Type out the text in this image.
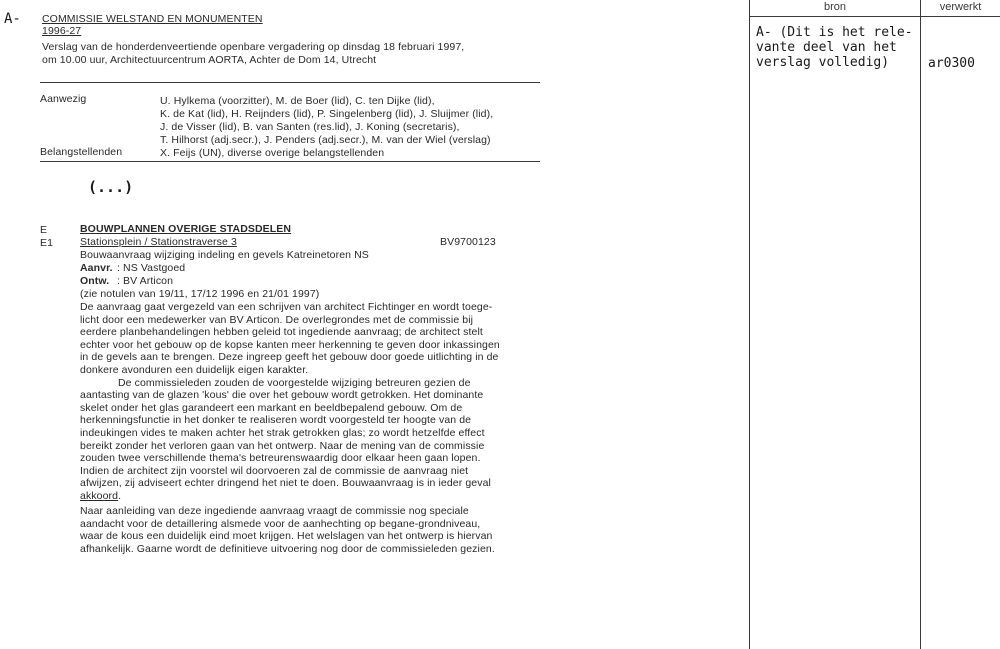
A- COMMISSIE WELSTAND EN MONUMENTEN
1996-27
Verslag van de honderdenveertiende openbare vergadering op dinsdag 18 februari 1997,
om 10.00 uur, Architectuurcentrum AORTA, Achter de Dom 14, Utrecht
Aanwezig	U. Hylkema (voorzitter), M. de Boer (lid), C. ten Dijke (lid),
K. de Kat (lid), H. Reijnders (lid), P. Singelenberg (lid), J. Sluijmer (lid),
J. de Visser (lid), B. van Santen (res.lid), J. Koning (secretaris),
T. Hilhorst (adj.secr.), J. Penders (adj.secr.), M. van der Wiel (verslag)
Belangstellenden	X. Feijs (UN), diverse overige belangstellenden
(...)
E	BOUWPLANNEN OVERIGE STADSDELEN
E1	Stationsplein / Stationstraverse 3	BV9700123
Bouwaanvraag wijziging indeling en gevels Katreinetoren NS
Aanvr. : NS Vastgoed
Ontw. : BV Articon
(zie notulen van 19/11, 17/12 1996 en 21/01 1997)
De aanvraag gaat vergezeld van een schrijven van architect Fichtinger en wordt toege-
licht door een medewerker van BV Articon. De overlegrondes met de commissie bij
eerdere planbehandelingen hebben geleid tot ingediende aanvraag; de architect stelt
echter voor het gebouw op de kopse kanten meer herkenning te geven door inkassingen
in de gevels aan te brengen. Deze ingreep geeft het gebouw door goede uitlichting in de
donkere avonduren een duidelijk eigen karakter.
De commissieleden zouden de voorgestelde wijziging betreuren gezien de
aantasting van de glazen 'kous' die over het gebouw wordt getrokken. Het dominante
skelet onder het glas garandeert een markant en beeldbepalend gebouw. Om de
herkenningsfunctie in het donker te realiseren wordt voorgesteld ter hoogte van de
indeukingen vides te maken achter het strak getrokken glas; zo wordt hetzelfde effect
bereikt zonder het verloren gaan van het ontwerp. Naar de mening van de commissie
zouden twee verschillende thema's betreurenswaardig door elkaar heen gaan lopen.
Indien de architect zijn voorstel wil doorvoeren zal de commissie de aanvraag niet
afwijzen, zij adviseert echter dringend het niet te doen. Bouwaanvraag is in ieder geval
akkoord.
Naar aanleiding van deze ingediende aanvraag vraagt de commissie nog speciale
aandacht voor de detaillering alsmede voor de aanhechting op begane-grondniveau,
waar de kous een duidelijk eind moet krijgen. Het welslagen van het ontwerp is hiervan
afhankelijk. Gaarne wordt de definitieve uitvoering nog door de commissieleden gezien.
bron	verwerkt
A- (Dit is het rele-
vante deel van het
verslag volledig)	ar0300
